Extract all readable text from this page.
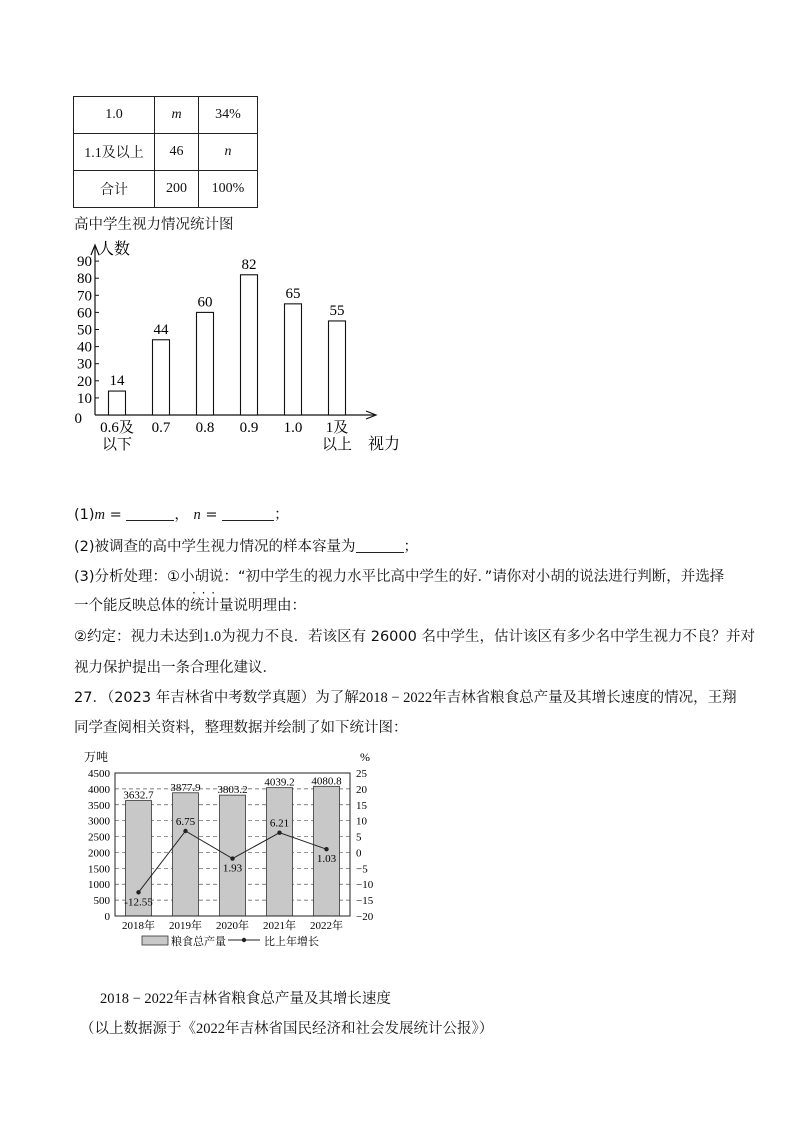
1.0	m	34%
1.1及以上	46	n
合计	200	100%
高中学生视力情况统计图
0
10
20
30
40
50
60
70
80
90
14
44
60
82
65
55
0.6及以下
0.7 0.8 0.9 1.0 1及以上
人数
视力
(1)m =	， n =	；
(2)被调查的高中学生视力情况的样本容量为	；
(3)分析处理：①小胡说：“初中学生的视力水平比高中学生的好．”请你对小胡的说法进行判断，并选择
一个能反映总体的统计量 · · ·说明理由：
②约定：视力未达到1.0为视力不良．若该区有 26000 名中学生，估计该区有多少名中学生视力不良？并对
视力保护提出一条合理化建议．
27．（2023 年吉林省中考数学真题）为了解2018 − 2022年吉林省粮食总产量及其增长速度的情况，王翔
同学查阅相关资料，整理数据并绘制了如下统计图：
0
500
1000
1500
2000
2500
3000
3500
4000
4500
−20
−15
−10
−5
0
5
10
15
20
25
3632.7
3877.9 3803.2
4039.2 4080.8
-12.55
6.75
1.93
6.21
1.03
2018年 2019年 2020年 2021年 2022年
万吨	%
粮食总产量	比上年增长
2018 − 2022年吉林省粮食总产量及其增长速度
（以上数据源于《2022年吉林省国民经济和社会发展统计公报》）
